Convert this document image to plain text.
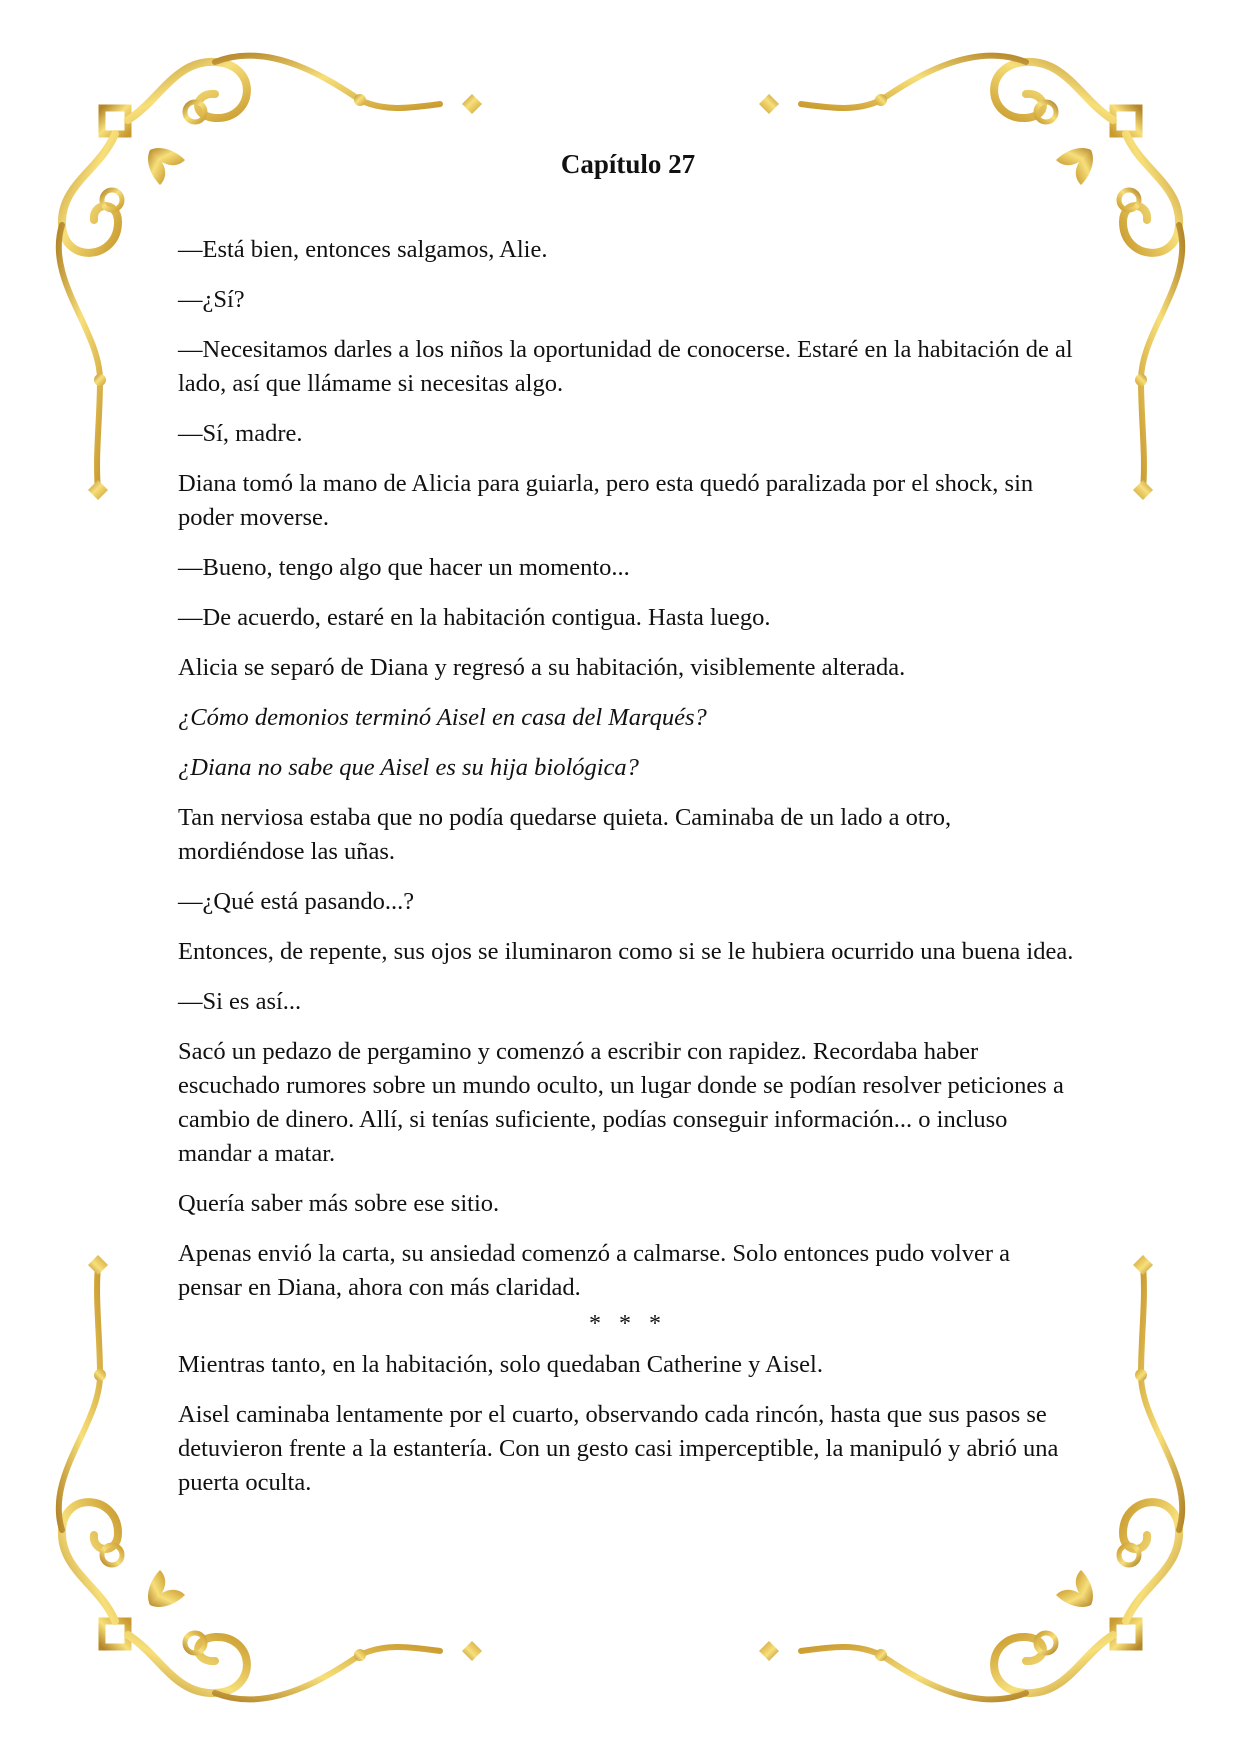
Capítulo 27
—Está bien, entonces salgamos, Alie.
—¿Sí?
—Necesitamos darles a los niños la oportunidad de conocerse. Estaré en la habitación de al lado, así que llámame si necesitas algo.
—Sí, madre.
Diana tomó la mano de Alicia para guiarla, pero esta quedó paralizada por el shock, sin poder moverse.
—Bueno, tengo algo que hacer un momento...
—De acuerdo, estaré en la habitación contigua. Hasta luego.
Alicia se separó de Diana y regresó a su habitación, visiblemente alterada.
¿Cómo demonios terminó Aisel en casa del Marqués?
¿Diana no sabe que Aisel es su hija biológica?
Tan nerviosa estaba que no podía quedarse quieta. Caminaba de un lado a otro, mordiéndose las uñas.
—¿Qué está pasando...?
Entonces, de repente, sus ojos se iluminaron como si se le hubiera ocurrido una buena idea.
—Si es así...
Sacó un pedazo de pergamino y comenzó a escribir con rapidez. Recordaba haber escuchado rumores sobre un mundo oculto, un lugar donde se podían resolver peticiones a cambio de dinero. Allí, si tenías suficiente, podías conseguir información... o incluso mandar a matar.
Quería saber más sobre ese sitio.
Apenas envió la carta, su ansiedad comenzó a calmarse. Solo entonces pudo volver a pensar en Diana, ahora con más claridad.
* * *
Mientras tanto, en la habitación, solo quedaban Catherine y Aisel.
Aisel caminaba lentamente por el cuarto, observando cada rincón, hasta que sus pasos se detuvieron frente a la estantería. Con un gesto casi imperceptible, la manipuló y abrió una puerta oculta.
